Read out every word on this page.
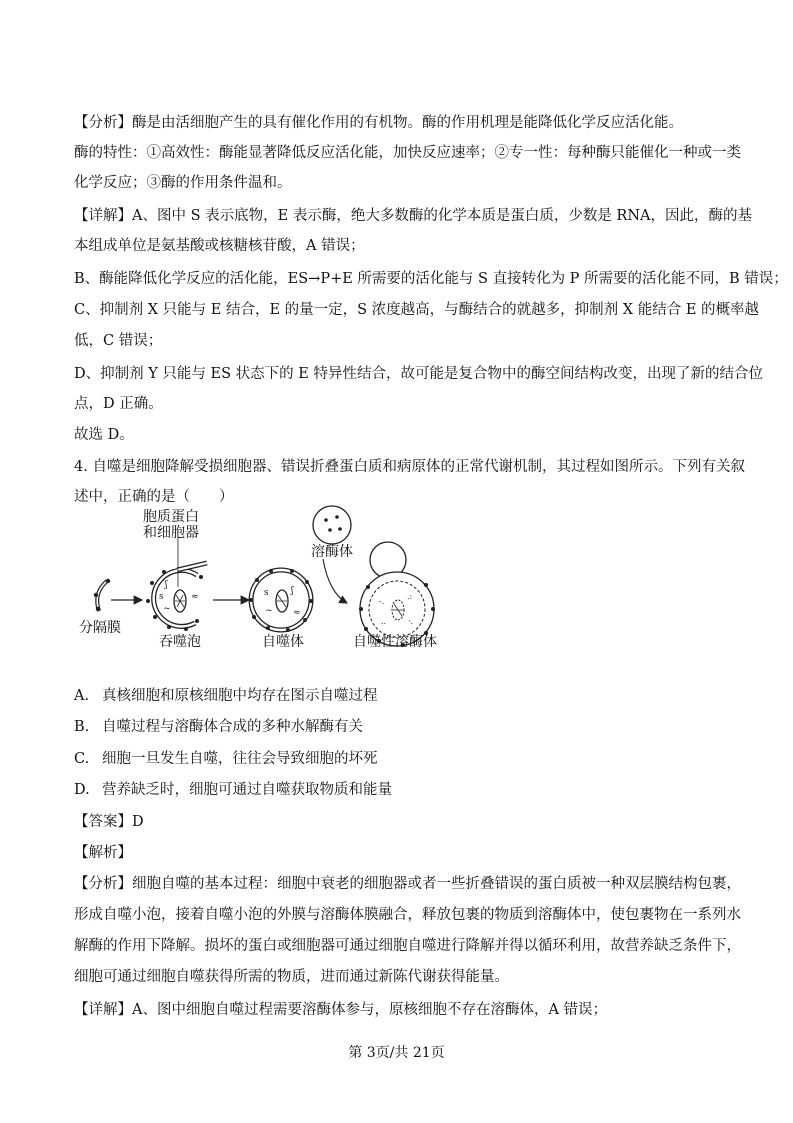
【分析】酶是由活细胞产生的具有催化作用的有机物。酶的作用机理是能降低化学反应活化能。
酶的特性：①高效性：酶能显著降低反应活化能，加快反应速率；②专一性：每种酶只能催化一种或一类
化学反应；③酶的作用条件温和。
【详解】A、图中 S 表示底物，E 表示酶，绝大多数酶的化学本质是蛋白质，少数是 RNA，因此，酶的基
本组成单位是氨基酸或核糖核苷酸，A 错误；
B、酶能降低化学反应的活化能，ES→P+E 所需要的活化能与 S 直接转化为 P 所需要的活化能不同，B 错误；
C、抑制剂 X 只能与 E 结合，E 的量一定，S 浓度越高，与酶结合的就越多，抑制剂 X 能结合 E 的概率越
低，C 错误；
D、抑制剂 Y 只能与 ES 状态下的 E 特异性结合，故可能是复合物中的酶空间结构改变，出现了新的结合位
点，D 正确。
故选 D。
4. 自噬是细胞降解受损细胞器、错误折叠蛋白质和病原体的正常代谢机制，其过程如图所示。下列有关叙
述中，正确的是（　　）
s
~
≈
ʃ
s
~
ʃ
≈
-.
.:
..	·.
胞质蛋白
和细胞器
溶酶体
分隔膜
吞噬泡	自噬体	自噬性溶酶体
A. 真核细胞和原核细胞中均存在图示自噬过程
B. 自噬过程与溶酶体合成的多种水解酶有关
C. 细胞一旦发生自噬，往往会导致细胞的坏死
D. 营养缺乏时，细胞可通过自噬获取物质和能量
【答案】D
【解析】
【分析】细胞自噬的基本过程：细胞中衰老的细胞器或者一些折叠错误的蛋白质被一种双层膜结构包裹，
形成自噬小泡，接着自噬小泡的外膜与溶酶体膜融合，释放包裹的物质到溶酶体中，使包裹物在一系列水
解酶的作用下降解。损坏的蛋白或细胞器可通过细胞自噬进行降解并得以循环利用，故营养缺乏条件下，
细胞可通过细胞自噬获得所需的物质，进而通过新陈代谢获得能量。
【详解】A、图中细胞自噬过程需要溶酶体参与，原核细胞不存在溶酶体，A 错误；
第 3页/共 21页
